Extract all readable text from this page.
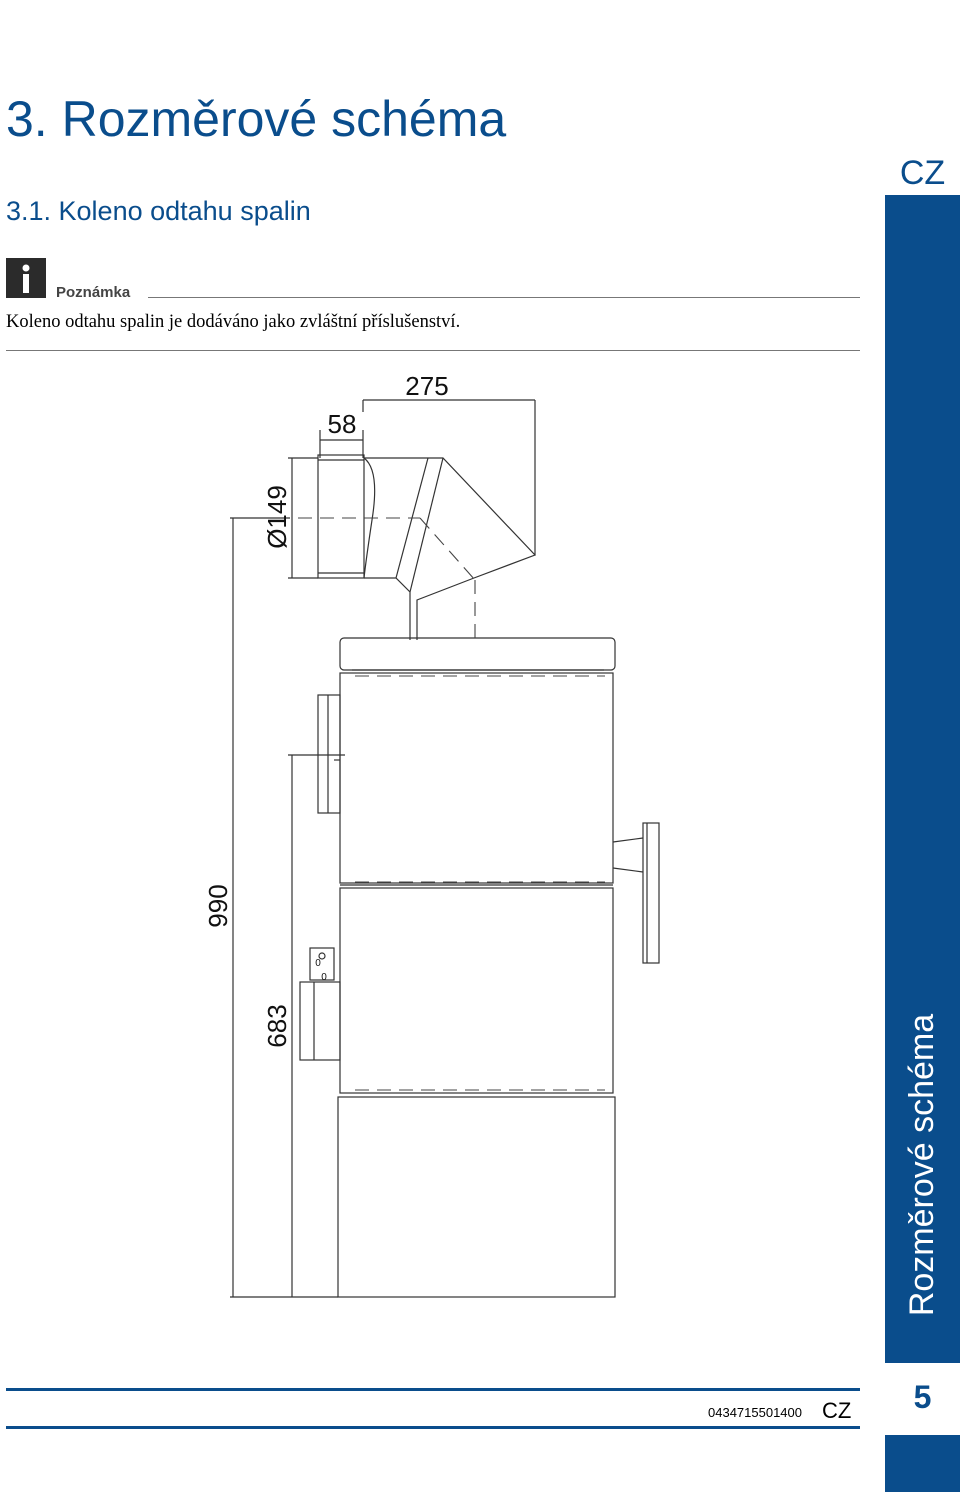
3. Rozměrové schéma
3.1. Koleno odtahu spalin
CZ
Rozměrové schéma
5
Poznámka
Koleno odtahu spalin je dodáváno jako zvláštní příslušenství.
275
58
Ø149
990
683
0
0
0434715501400 CZ
